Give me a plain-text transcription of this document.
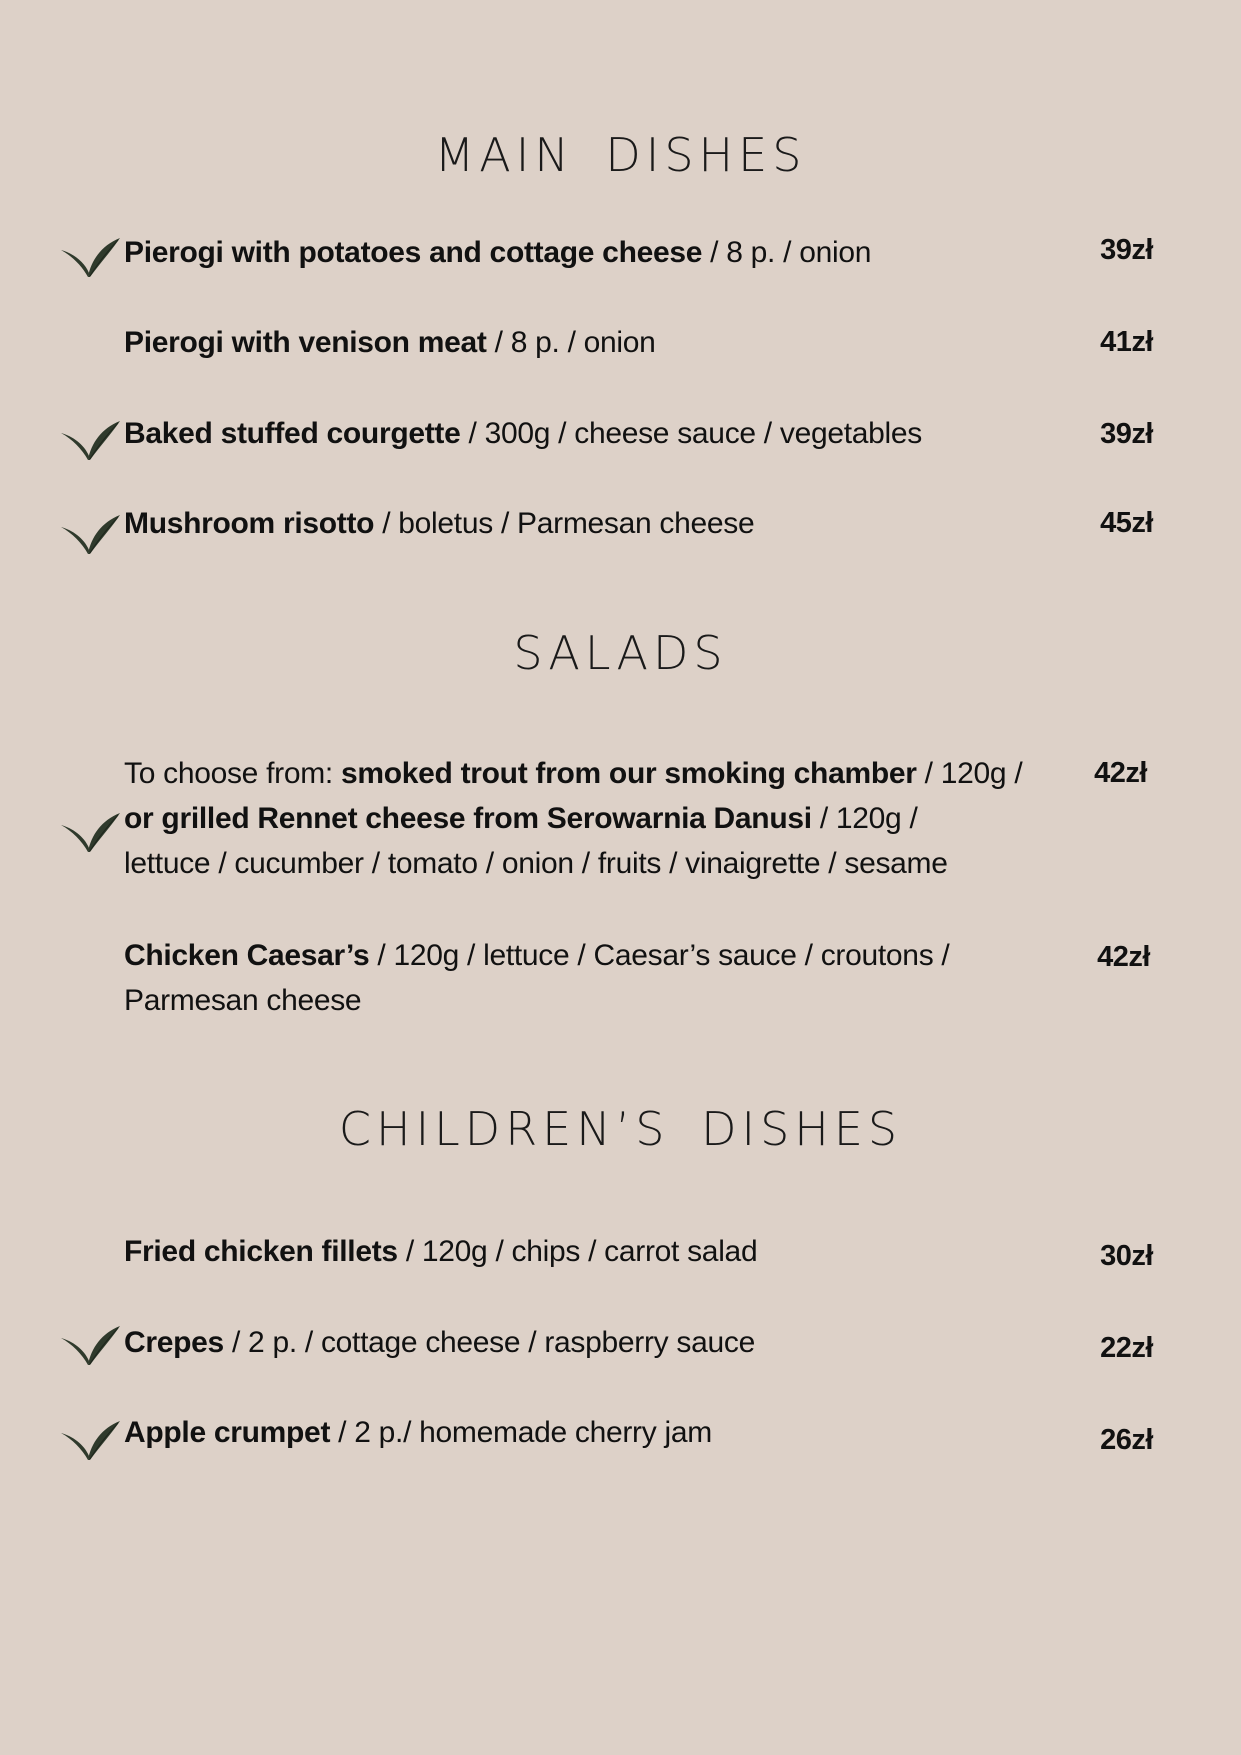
MAIN DISHES
Pierogi with potatoes and cottage cheese / 8 p. / onion	39zł
Pierogi with venison meat / 8 p. / onion	41zł
Baked stuffed courgette / 300g / cheese sauce / vegetables	39zł
Mushroom risotto / boletus / Parmesan cheese	45zł
SALADS
To choose from: smoked trout from our smoking chamber / 120g /
or grilled Rennet cheese from Serowarnia Danusi / 120g /
lettuce / cucumber / tomato / onion / fruits / vinaigrette / sesame
42zł
Chicken Caesar’s / 120g / lettuce / Caesar’s sauce / croutons /
Parmesan cheese
42zł
CHILDREN’S DISHES
Fried chicken fillets / 120g / chips / carrot salad	30zł
Crepes / 2 p. / cottage cheese / raspberry sauce	22zł
Apple crumpet / 2 p./ homemade cherry jam	26zł
